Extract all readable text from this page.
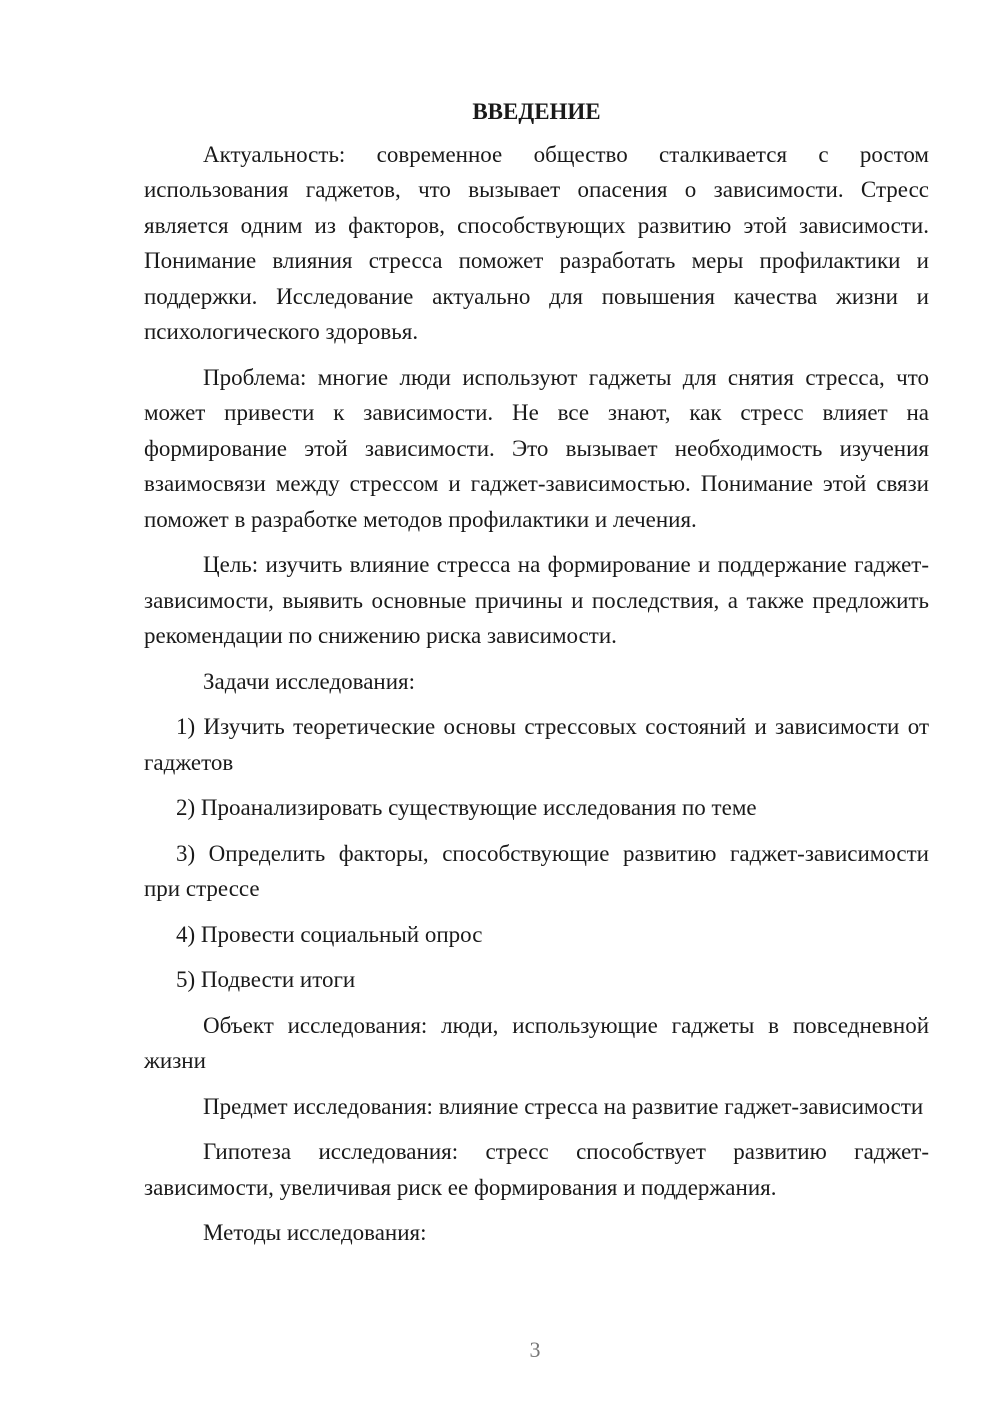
ВВЕДЕНИЕ

Актуальность: современное общество сталкивается с ростом использования гаджетов, что вызывает опасения о зависимости. Стресс является одним из факторов, способствующих развитию этой зависимости. Понимание влияния стресса поможет разработать меры профилактики и поддержки. Исследование актуально для повышения качества жизни и психологического здоровья.

Проблема: многие люди используют гаджеты для снятия стресса, что может привести к зависимости. Не все знают, как стресс влияет на формирование этой зависимости. Это вызывает необходимость изучения взаимосвязи между стрессом и гаджет-зависимостью. Понимание этой связи поможет в разработке методов профилактики и лечения.

Цель: изучить влияние стресса на формирование и поддержание гаджет-зависимости, выявить основные причины и последствия, а также предложить рекомендации по снижению риска зависимости.

Задачи исследования:

1) Изучить теоретические основы стрессовых состояний и зависимости от гаджетов

2) Проанализировать существующие исследования по теме

3) Определить факторы, способствующие развитию гаджет-зависимости при стрессе

4) Провести социальный опрос

5) Подвести итоги

Объект исследования: люди, использующие гаджеты в повседневной жизни

Предмет исследования: влияние стресса на развитие гаджет-зависимости

Гипотеза исследования: стресс способствует развитию гаджет-зависимости, увеличивая риск ее формирования и поддержания.

Методы исследования:

3
